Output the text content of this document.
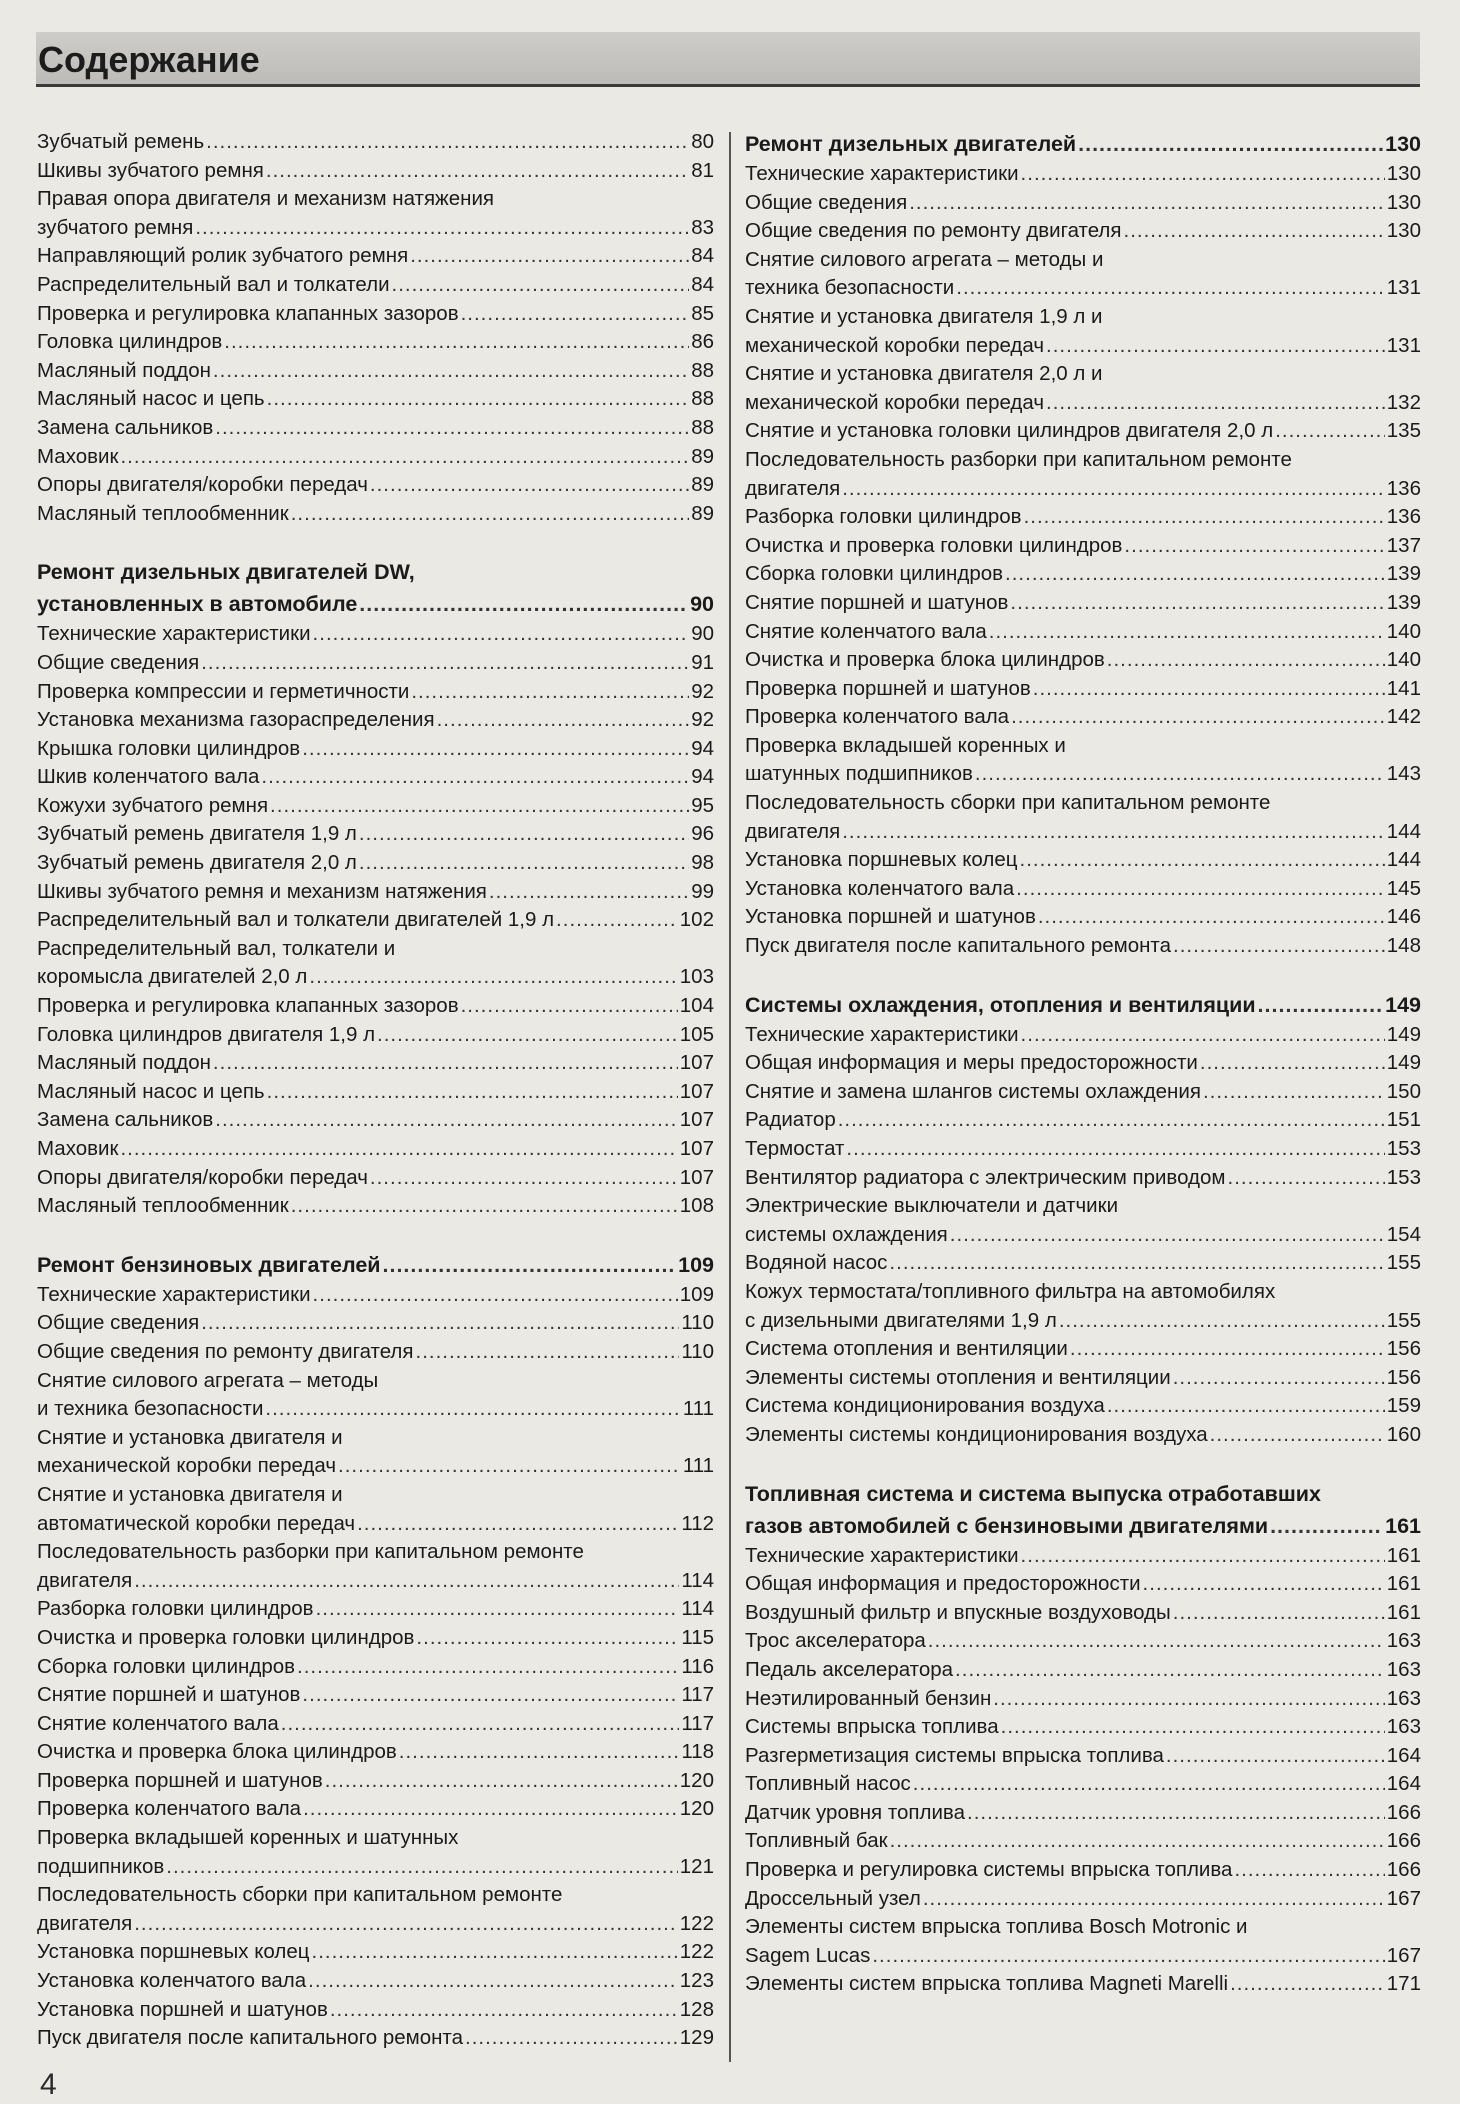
Содержание
Зубчатый ремень .....	80
Шкивы зубчатого ремня .....	81
Правая опора двигателя и механизм натяжения
зубчатого ремня .....	83
Направляющий ролик зубчатого ремня .....	84
Распределительный вал и толкатели .....	84
Проверка и регулировка клапанных зазоров .....	85
Головка цилиндров .....	86
Масляный поддон .....	88
Масляный насос и цепь .....	88
Замена сальников .....	88
Маховик .....	89
Опоры двигателя/коробки передач .....	89
Масляный теплообменник .....	89
Ремонт дизельных двигателей DW,
установленных в автомобиле .....	90
Технические характеристики .....	90
Общие сведения .....	91
Проверка компрессии и герметичности .....	92
Установка механизма газораспределения .....	92
Крышка головки цилиндров .....	94
Шкив коленчатого вала .....	94
Кожухи зубчатого ремня .....	95
Зубчатый ремень двигателя 1,9 л .....	96
Зубчатый ремень двигателя 2,0 л .....	98
Шкивы зубчатого ремня и механизм натяжения .....	99
Распределительный вал и толкатели двигателей 1,9 л .....	102
Распределительный вал, толкатели и
коромысла двигателей 2,0 л .....	103
Проверка и регулировка клапанных зазоров .....	104
Головка цилиндров двигателя 1,9 л .....	105
Масляный поддон .....	107
Масляный насос и цепь .....	107
Замена сальников .....	107
Маховик .....	107
Опоры двигателя/коробки передач .....	107
Масляный теплообменник .....	108
Ремонт бензиновых двигателей .....	109
Технические характеристики .....	109
Общие сведения .....	110
Общие сведения по ремонту двигателя .....	110
Снятие силового агрегата – методы
и техника безопасности .....	111
Снятие и установка двигателя и
механической коробки передач .....	111
Снятие и установка двигателя и
автоматической коробки передач .....	112
Последовательность разборки при капитальном ремонте
двигателя .....	114
Разборка головки цилиндров .....	114
Очистка и проверка головки цилиндров .....	115
Сборка головки цилиндров .....	116
Снятие поршней и шатунов .....	117
Снятие коленчатого вала .....	117
Очистка и проверка блока цилиндров .....	118
Проверка поршней и шатунов .....	120
Проверка коленчатого вала .....	120
Проверка вкладышей коренных и шатунных
подшипников .....	121
Последовательность сборки при капитальном ремонте
двигателя .....	122
Установка поршневых колец .....	122
Установка коленчатого вала .....	123
Установка поршней и шатунов .....	128
Пуск двигателя после капитального ремонта .....	129
Ремонт дизельных двигателей .....	130
Технические характеристики .....	130
Общие сведения .....	130
Общие сведения по ремонту двигателя .....	130
Снятие силового агрегата – методы и
техника безопасности .....	131
Снятие и установка двигателя 1,9 л и
механической коробки передач .....	131
Снятие и установка двигателя 2,0 л и
механической коробки передач .....	132
Снятие и установка головки цилиндров двигателя 2,0 л .....	135
Последовательность разборки при капитальном ремонте
двигателя .....	136
Разборка головки цилиндров .....	136
Очистка и проверка головки цилиндров .....	137
Сборка головки цилиндров .....	139
Снятие поршней и шатунов .....	139
Снятие коленчатого вала .....	140
Очистка и проверка блока цилиндров .....	140
Проверка поршней и шатунов .....	141
Проверка коленчатого вала .....	142
Проверка вкладышей коренных и
шатунных подшипников .....	143
Последовательность сборки при капитальном ремонте
двигателя .....	144
Установка поршневых колец .....	144
Установка коленчатого вала .....	145
Установка поршней и шатунов .....	146
Пуск двигателя после капитального ремонта .....	148
Системы охлаждения, отопления и вентиляции .....	149
Технические характеристики .....	149
Общая информация и меры предосторожности .....	149
Снятие и замена шлангов системы охлаждения .....	150
Радиатор .....	151
Термостат .....	153
Вентилятор радиатора с электрическим приводом .....	153
Электрические выключатели и датчики
системы охлаждения .....	154
Водяной насос .....	155
Кожух термостата/топливного фильтра на автомобилях
с дизельными двигателями 1,9 л .....	155
Система отопления и вентиляции .....	156
Элементы системы отопления и вентиляции .....	156
Система кондиционирования воздуха .....	159
Элементы системы кондиционирования воздуха .....	160
Топливная система и система выпуска отработавших
газов автомобилей с бензиновыми двигателями .....	161
Технические характеристики .....	161
Общая информация и предосторожности .....	161
Воздушный фильтр и впускные воздуховоды .....	161
Трос акселератора .....	163
Педаль акселератора .....	163
Неэтилированный бензин .....	163
Системы впрыска топлива .....	163
Разгерметизация системы впрыска топлива .....	164
Топливный насос .....	164
Датчик уровня топлива .....	166
Топливный бак .....	166
Проверка и регулировка системы впрыска топлива .....	166
Дроссельный узел .....	167
Элементы систем впрыска топлива Bosch Motronic и
Sagem Lucas .....	167
Элементы систем впрыска топлива Magneti Marelli .....	171
4
